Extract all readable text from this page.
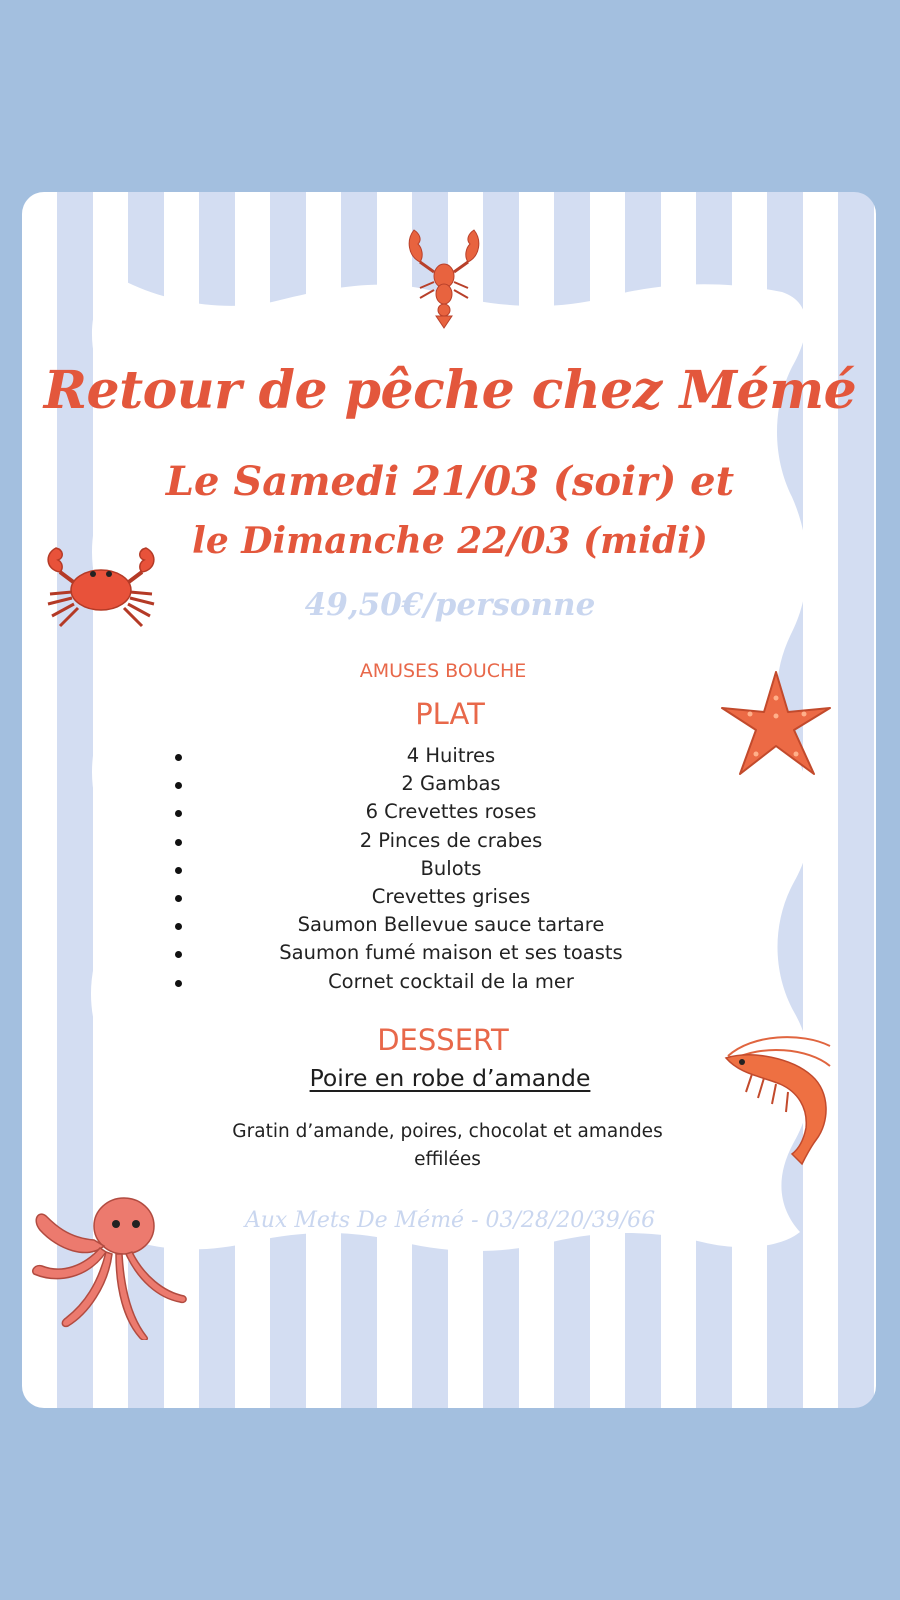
Retour de pêche chez Mémé
Le Samedi 21/03 (soir) et
le Dimanche 22/03 (midi)
49,50€/personne
AMUSES BOUCHE
PLAT
4 Huitres
2 Gambas
6 Crevettes roses
2 Pinces de crabes
Bulots
Crevettes grises
Saumon Bellevue sauce tartare
Saumon fumé maison et ses toasts
Cornet cocktail de la mer
DESSERT
Poire en robe d’amande
Gratin d’amande, poires, chocolat et amandes effilées
Aux Mets De Mémé - 03/28/20/39/66
